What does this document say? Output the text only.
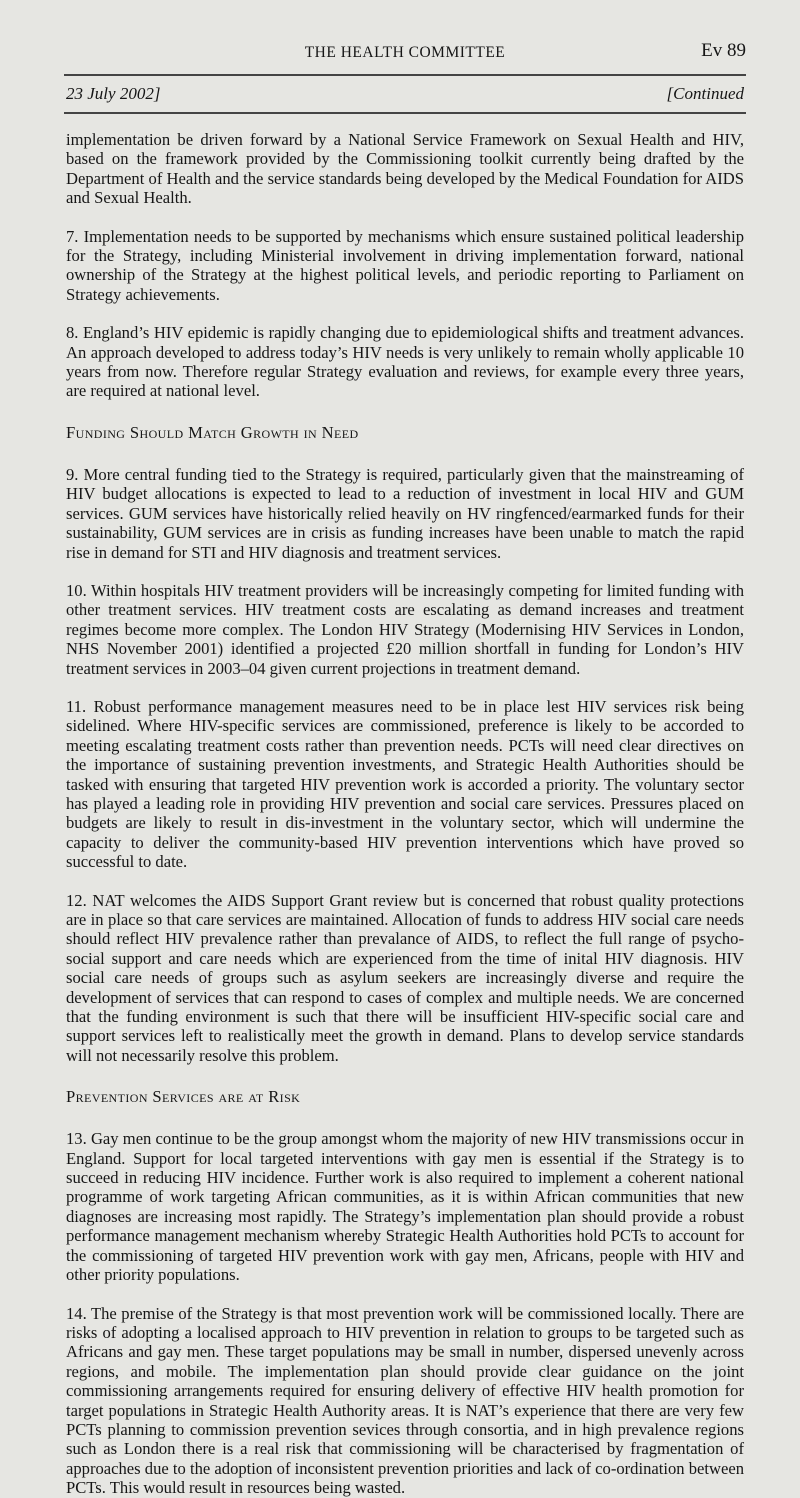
THE HEALTH COMMITTEE	Ev 89
23 July 2002]	[Continued

implementation be driven forward by a National Service Framework on Sexual Health and HIV, based on the framework provided by the Commissioning toolkit currently being drafted by the Department of Health and the service standards being developed by the Medical Foundation for AIDS and Sexual Health.

7. Implementation needs to be supported by mechanisms which ensure sustained political leadership for the Strategy, including Ministerial involvement in driving implementation forward, national ownership of the Strategy at the highest political levels, and periodic reporting to Parliament on Strategy achievements.

8. England’s HIV epidemic is rapidly changing due to epidemiological shifts and treatment advances. An approach developed to address today’s HIV needs is very unlikely to remain wholly applicable 10 years from now. Therefore regular Strategy evaluation and reviews, for example every three years, are required at national level.

Funding Should Match Growth in Need

9. More central funding tied to the Strategy is required, particularly given that the mainstreaming of HIV budget allocations is expected to lead to a reduction of investment in local HIV and GUM services. GUM services have historically relied heavily on HV ringfenced/earmarked funds for their sustainability, GUM services are in crisis as funding increases have been unable to match the rapid rise in demand for STI and HIV diagnosis and treatment services.

10. Within hospitals HIV treatment providers will be increasingly competing for limited funding with other treatment services. HIV treatment costs are escalating as demand increases and treatment regimes become more complex. The London HIV Strategy (Modernising HIV Services in London, NHS November 2001) identified a projected £20 million shortfall in funding for London’s HIV treatment services in 2003–04 given current projections in treatment demand.

11. Robust performance management measures need to be in place lest HIV services risk being sidelined. Where HIV-specific services are commissioned, preference is likely to be accorded to meeting escalating treatment costs rather than prevention needs. PCTs will need clear directives on the importance of sustaining prevention investments, and Strategic Health Authorities should be tasked with ensuring that targeted HIV prevention work is accorded a priority. The voluntary sector has played a leading role in providing HIV prevention and social care services. Pressures placed on budgets are likely to result in dis-investment in the voluntary sector, which will undermine the capacity to deliver the community-based HIV prevention interventions which have proved so successful to date.

12. NAT welcomes the AIDS Support Grant review but is concerned that robust quality protections are in place so that care services are maintained. Allocation of funds to address HIV social care needs should reflect HIV prevalence rather than prevalance of AIDS, to reflect the full range of psycho-social support and care needs which are experienced from the time of inital HIV diagnosis. HIV social care needs of groups such as asylum seekers are increasingly diverse and require the development of services that can respond to cases of complex and multiple needs. We are concerned that the funding environment is such that there will be insufficient HIV-specific social care and support services left to realistically meet the growth in demand. Plans to develop service standards will not necessarily resolve this problem.

Prevention Services are at Risk

13. Gay men continue to be the group amongst whom the majority of new HIV transmissions occur in England. Support for local targeted interventions with gay men is essential if the Strategy is to succeed in reducing HIV incidence. Further work is also required to implement a coherent national programme of work targeting African communities, as it is within African communities that new diagnoses are increasing most rapidly. The Strategy’s implementation plan should provide a robust performance management mechanism whereby Strategic Health Authorities hold PCTs to account for the commissioning of targeted HIV prevention work with gay men, Africans, people with HIV and other priority populations.

14. The premise of the Strategy is that most prevention work will be commissioned locally. There are risks of adopting a localised approach to HIV prevention in relation to groups to be targeted such as Africans and gay men. These target populations may be small in number, dispersed unevenly across regions, and mobile. The implementation plan should provide clear guidance on the joint commissioning arrangements required for ensuring delivery of effective HIV health promotion for target populations in Strategic Health Authority areas. It is NAT’s experience that there are very few PCTs planning to commission prevention sevices through consortia, and in high prevalence regions such as London there is a real risk that commissioning will be characterised by fragmentation of approaches due to the adoption of inconsistent prevention priorities and lack of co-ordination between PCTs. This would result in resources being wasted.
